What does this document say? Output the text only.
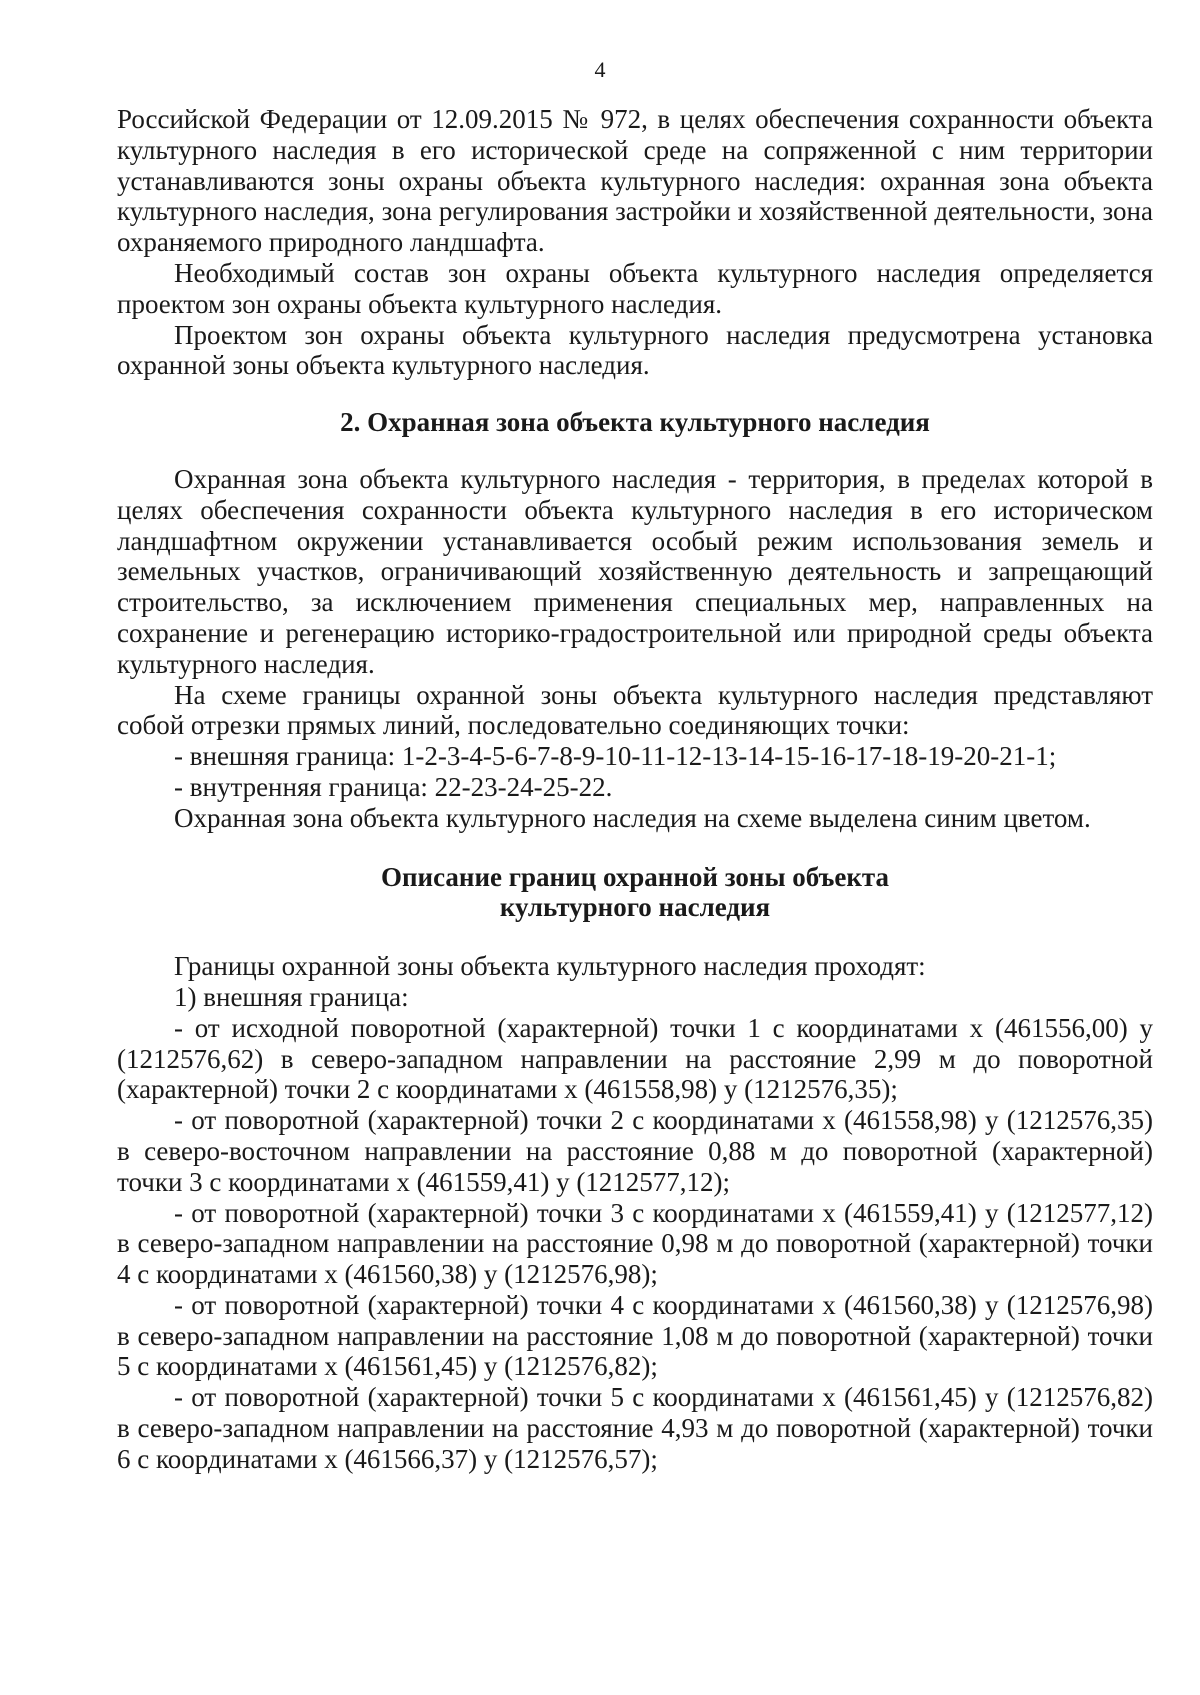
4

Российской Федерации от 12.09.2015 № 972, в целях обеспечения сохранности объекта культурного наследия в его исторической среде на сопряженной с ним территории устанавливаются зоны охраны объекта культурного наследия: охранная зона объекта культурного наследия, зона регулирования застройки и хозяйственной деятельности, зона охраняемого природного ландшафта.

Необходимый состав зон охраны объекта культурного наследия определяется проектом зон охраны объекта культурного наследия.

Проектом зон охраны объекта культурного наследия предусмотрена установка охранной зоны объекта культурного наследия.

2. Охранная зона объекта культурного наследия

Охранная зона объекта культурного наследия - территория, в пределах которой в целях обеспечения сохранности объекта культурного наследия в его историческом ландшафтном окружении устанавливается особый режим использования земель и земельных участков, ограничивающий хозяйственную деятельность и запрещающий строительство, за исключением применения специальных мер, направленных на сохранение и регенерацию историко-градостроительной или природной среды объекта культурного наследия.

На схеме границы охранной зоны объекта культурного наследия представляют собой отрезки прямых линий, последовательно соединяющих точки:

- внешняя граница: 1-2-3-4-5-6-7-8-9-10-11-12-13-14-15-16-17-18-19-20-21-1;

- внутренняя граница: 22-23-24-25-22.

Охранная зона объекта культурного наследия на схеме выделена синим цветом.

Описание границ охранной зоны объекта
культурного наследия

Границы охранной зоны объекта культурного наследия проходят:

1) внешняя граница:

- от исходной поворотной (характерной) точки 1 с координатами х (461556,00) у (1212576,62) в северо-западном направлении на расстояние 2,99 м до поворотной (характерной) точки 2 с координатами х (461558,98) у (1212576,35);

- от поворотной (характерной) точки 2 с координатами х (461558,98) у (1212576,35) в северо-восточном направлении на расстояние 0,88 м до поворотной (характерной) точки 3 с координатами х (461559,41) у (1212577,12);

- от поворотной (характерной) точки 3 с координатами х (461559,41) у (1212577,12) в северо-западном направлении на расстояние 0,98 м до поворотной (характерной) точки 4 с координатами х (461560,38) у (1212576,98);

- от поворотной (характерной) точки 4 с координатами х (461560,38) у (1212576,98) в северо-западном направлении на расстояние 1,08 м до поворотной (характерной) точки 5 с координатами х (461561,45) у (1212576,82);

- от поворотной (характерной) точки 5 с координатами х (461561,45) у (1212576,82) в северо-западном направлении на расстояние 4,93 м до поворотной (характерной) точки 6 с координатами х (461566,37) у (1212576,57);
